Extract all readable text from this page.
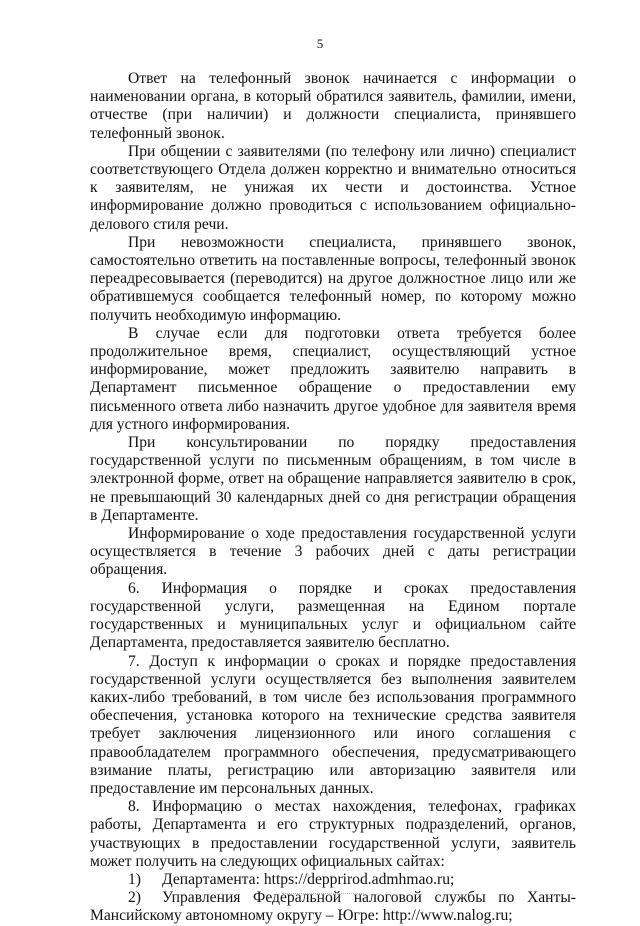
5

Ответ на телефонный звонок начинается с информации о наименовании органа, в который обратился заявитель, фамилии, имени, отчестве (при наличии) и должности специалиста, принявшего телефонный звонок.

При общении с заявителями (по телефону или лично) специалист соответствующего Отдела должен корректно и внимательно относиться к заявителям, не унижая их чести и достоинства. Устное информирование должно проводиться с использованием официально-делового стиля речи.

При невозможности специалиста, принявшего звонок, самостоятельно ответить на поставленные вопросы, телефонный звонок переадресовывается (переводится) на другое должностное лицо или же обратившемуся сообщается телефонный номер, по которому можно получить необходимую информацию.

В случае если для подготовки ответа требуется более продолжительное время, специалист, осуществляющий устное информирование, может предложить заявителю направить в Департамент письменное обращение о предоставлении ему письменного ответа либо назначить другое удобное для заявителя время для устного информирования.

При консультировании по порядку предоставления государственной услуги по письменным обращениям, в том числе в электронной форме, ответ на обращение направляется заявителю в срок, не превышающий 30 календарных дней со дня регистрации обращения в Департаменте.

Информирование о ходе предоставления государственной услуги осуществляется в течение 3 рабочих дней с даты регистрации обращения.

6. Информация о порядке и сроках предоставления государственной услуги, размещенная на Едином портале государственных и муниципальных услуг и официальном сайте Департамента, предоставляется заявителю бесплатно.

7. Доступ к информации о сроках и порядке предоставления государственной услуги осуществляется без выполнения заявителем каких-либо требований, в том числе без использования программного обеспечения, установка которого на технические средства заявителя требует заключения лицензионного или иного соглашения с правообладателем программного обеспечения, предусматривающего взимание платы, регистрацию или авторизацию заявителя или предоставление им персональных данных.

8. Информацию о местах нахождения, телефонах, графиках работы, Департамента и его структурных подразделений, органов, участвующих в предоставлении государственной услуги, заявитель может получить на следующих официальных сайтах:

1) Департамента: https://depprirod.admhmao.ru;

2) Управления Федеральной налоговой службы по Ханты-Мансийскому автономному округу – Югре: http://www.nalog.ru;
